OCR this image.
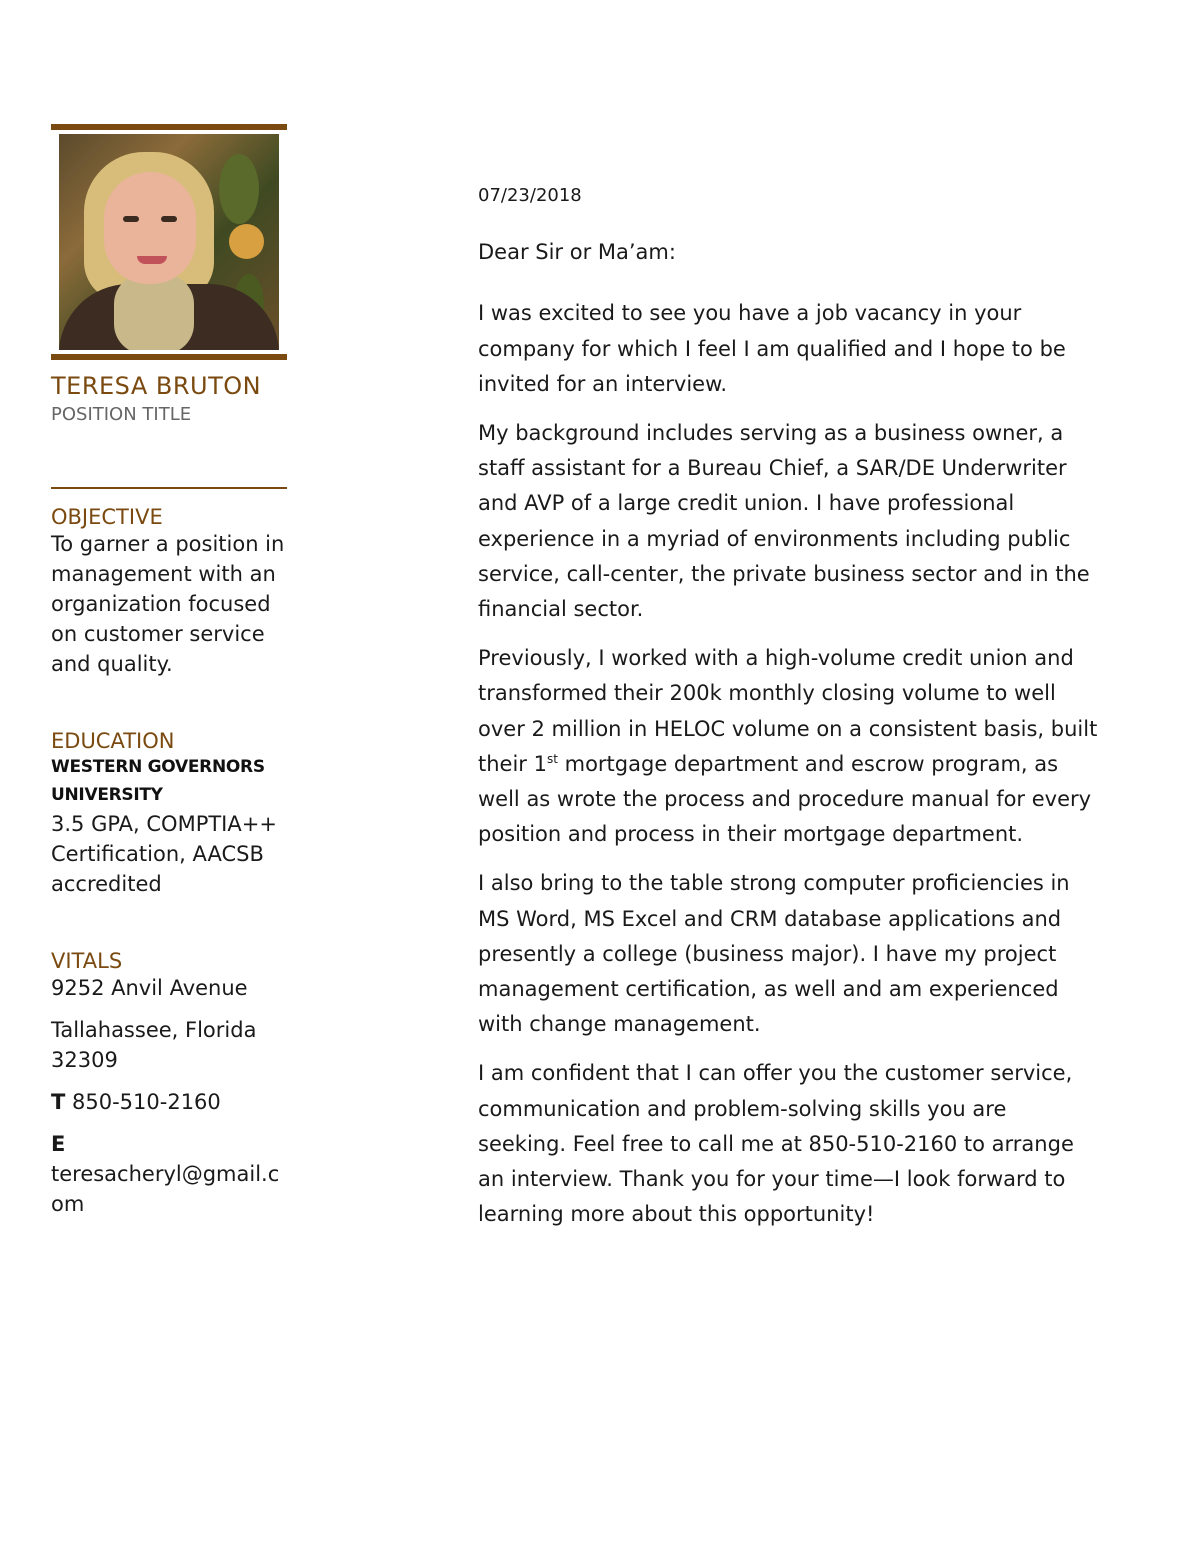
TERESA BRUTON
POSITION TITLE
OBJECTIVE
To garner a position in management with an organization focused on customer service and quality.
EDUCATION
WESTERN GOVERNORS
UNIVERSITY
3.5 GPA, COMPTIA++ Certification, AACSB accredited
VITALS
9252 Anvil Avenue
Tallahassee, Florida 32309
T 850-510-2160
E
teresacheryl@gmail.com
07/23/2018
Dear Sir or Ma’am:

I was excited to see you have a job vacancy in your company for which I feel I am qualified and I hope to be invited for an interview.

My background includes serving as a business owner, a staff assistant for a Bureau Chief, a SAR/DE Underwriter and AVP of a large credit union. I have professional experience in a myriad of environments including public service, call-center, the private business sector and in the financial sector.

Previously, I worked with a high-volume credit union and transformed their 200k monthly closing volume to well over 2 million in HELOC volume on a consistent basis, built their 1st mortgage department and escrow program, as well as wrote the process and procedure manual for every position and process in their mortgage department.

I also bring to the table strong computer proficiencies in MS Word, MS Excel and CRM database applications and presently a college (business major). I have my project management certification, as well and am experienced with change management.

I am confident that I can offer you the customer service, communication and problem-solving skills you are seeking. Feel free to call me at 850-510-2160 to arrange an interview. Thank you for your time—I look forward to learning more about this opportunity!
